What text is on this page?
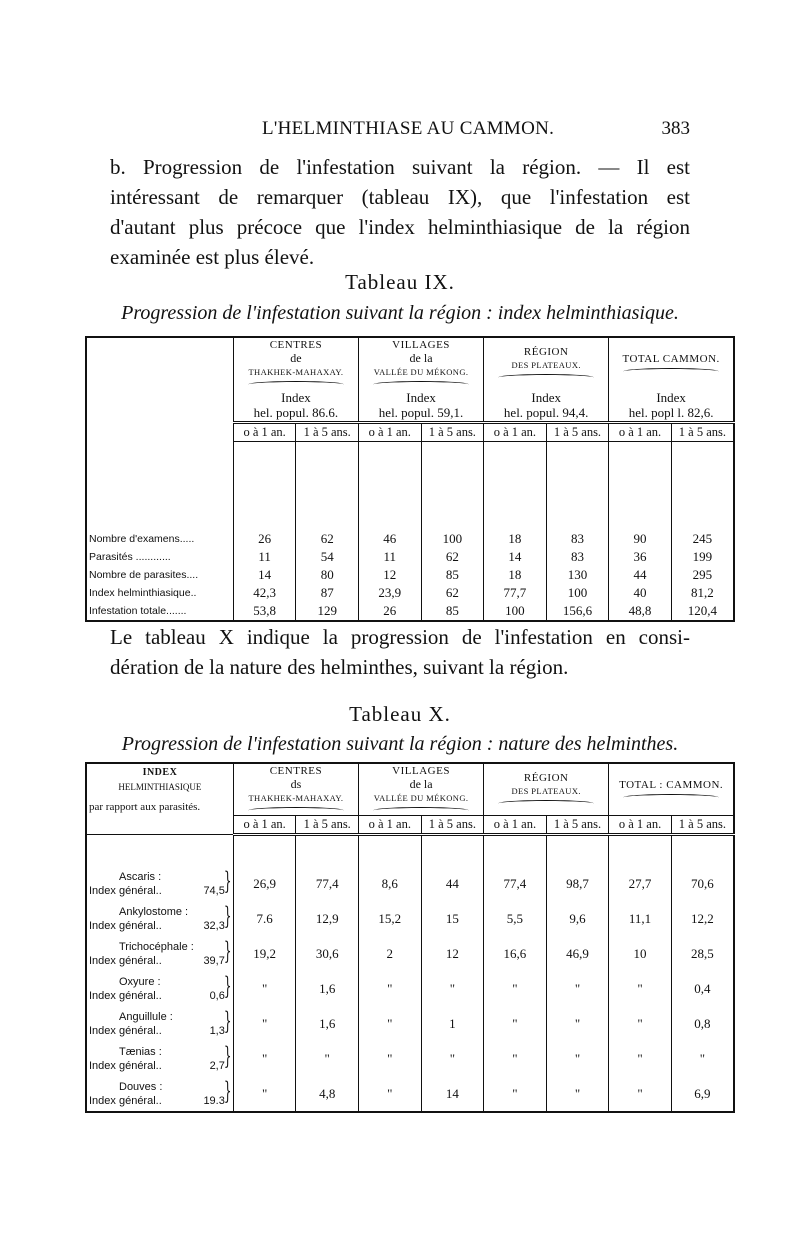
L'HELMINTHIASE AU CAMMON.	383
b. Progression de l'infestation suivant la région. — Il est
intéressant de remarquer (tableau IX), que l'infestation est
d'autant plus précoce que l'index helminthiasique de la région
examinée est plus élevé.
Tableau IX.
Progression de l'infestation suivant la région : index helminthiasique.
	CENTRES
de
THAKHEK-MAHAXAY.		VILLAGES
de la
VALLÉE DU MÉKONG.		RÉGION
DES PLATEAUX.		TOTAL CAMMON.	

	Index
hel. popul. 86.6.		Index
hel. popul. 59,1.		Index
hel. popul. 94,4.		Index
hel. popl l. 82,6.	
	o à 1 an.	1 à 5 ans.	o à 1 an.	1 à 5 ans.	o à 1 an.	1 à 5 ans.	o à 1 an.	1 à 5 ans.

Nombre d'examens.....	26	62	46	100	18	83	90	245
Parasités ............	11	54	11	62	14	83	36	199
Nombre de parasites....	14	80	12	85	18	130	44	295
Index helminthiasique..	42,3	87	23,9	62	77,7	100	40	81,2
Infestation totale.......	53,8	129	26	85	100	156,6	48,8	120,4
Le tableau X indique la progression de l'infestation en consi-
dération de la nature des helminthes, suivant la région.
Tableau X.
Progression de l'infestation suivant la région : nature des helminthes.
INDEX
HELMINTHIASIQUE
par rapport aux parasités.	CENTRES
ds
THAKHEK-MAHAXAY.		VILLAGES
de la
VALLÉE DU MÉKONG.		RÉGION
DES PLATEAUX.		TOTAL : CAMMON.	

	o à 1 an.	1 à 5 ans.	o à 1 an.	1 à 5 ans.	o à 1 an.	1 à 5 ans.	o à 1 an.	1 à 5 ans.

Ascaris :
Index général.. 74,5
}	26,9	77,4	8,6	44	77,4	98,7	27,7	70,6

Ankylostome :
Index général.. 32,3
}	7.6	12,9	15,2	15	5,5	9,6	11,1	12,2

Trichocéphale :
Index général.. 39,7
}	19,2	30,6	2	12	16,6	46,9	10	28,5

Oxyure :
Index général.. 0,6
}	"	1,6	"	"	"	"	"	0,4

Anguillule :
Index général.. 1,3
}	"	1,6	"	1	"	"	"	0,8

Tænias :
Index général.. 2,7
}	"	"	"	"	"	"	"	"

Douves :
Index général.. 19.3
}	"	4,8	"	14	"	"	"	6,9
